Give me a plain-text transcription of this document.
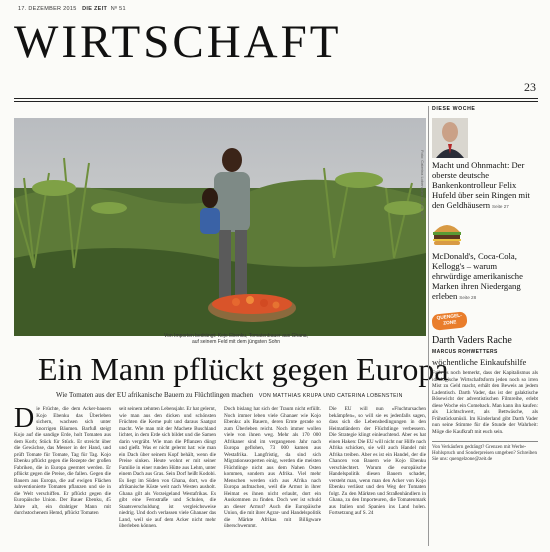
17. DEZEMBER 2015 DIE ZEIT Nº 51
WIRTSCHAFT
23
Foto: Caterina Lobenstein für DIE ZEIT
Von Importen bedrängt: Kojo Ebenku, Tomatenbauer aus Ghana,
auf seinem Feld mit dem jüngsten Sohn
Ein Mann pflückt gegen Europa
Wie Tomaten aus der EU afrikanische Bauern zu Flüchtlingen machen VON MATTHIAS KRUPA UND CATERINA LOBENSTEIN
Die Früchte, die dem Acker-bauern Kojo Ebenku das Überleben sichern, wachsen sich unter knorrigen Bäumen. Barfuß steigt Kojo auf die sandige Erde, holt Tomaten aus dem Korb; Stück für Stück. Er streicht über die Gewächse, das Messer in der Hand, und prüft Tomate für Tomate, Tag für Tag. Kojo Ebenku pflückt gegen die Rezepte der großen Fabriken, die in Europa geerntet werden. Er pflückt gegen die Preise, die fallen. Gegen die Bauern aus Europa, die auf ewigen Flächen subventionierte Tomaten pflanzen und sie in die Welt verschiffen. Er pflückt gegen die Europäische Union. Der Bauer Ebenku, 45 Jahre alt, ein drahtiger Mann mit durchstochenem Hemd, pflückt Tomaten
seit seinem zehnten Lebensjahr. Er hat gelernt, wie man aus den dicken und schönsten Früchten die Kerne pult und daraus Saatgut macht. Wie man mit der Machete Buschland lichtet, in dem Erde sich bildet und die Samen darin vergräbt. Wie man die Pflanzen düngt und gießt. Was er nicht gelernt hat: wie man ein Dach über seinem Kopf behält, wenn die Preise sinken. Heute wohnt er mit seiner Familie in einer runden Hütte aus Lehm, unter einem Dach aus Gras. Sein Dorf heißt Kodobi. Es liegt im Süden von Ghana, dort, wo die afrikanische Küste weit nach Westen ausholt. Ghana gilt als Vorzeigeland Westafrikas. Es gibt eine Fernstraße und Schulen, die Staatsverschuldung ist vergleichsweise niedrig. Und doch verlassen viele Ghanaer das Land, weil sie auf dem Acker nicht mehr überleben können.
Doch bislang hat sich der Traum nicht erfüllt. Noch immer leben viele Ghanaer wie Kojo Ebenku: als Bauern, deren Ernte gerade so zum Überleben reicht. Noch immer wollen viele von ihnen weg. Mehr als 170 000 Afrikaner sind im vergangenen Jahr nach Europa geflohen, 73 000 kamen aus Westafrika. Langfristig, da sind sich Migrationsexperten einig, werden die meisten Flüchtlinge nicht aus dem Nahen Osten kommen, sondern aus Afrika. Viel mehr Menschen werden sich aus Afrika nach Europa aufmachen, weil die Armut in ihrer Heimat es ihnen nicht erlaubt, dort ein Auskommen zu finden. Doch wer ist schuld an dieser Armut? Auch die Europäische Union, die mit ihrer Agrar- und Handelspolitik die Märkte Afrikas mit Billigware überschwemmt.
Die EU will nun »Fluchtursachen bekämpfen«, so will sie es jedenfalls sagen, dass sich die Lebensbedingungen in den Heimatländern der Flüchtlinge verbessern. Die Strategie klingt einleuchtend. Aber es hat einen Haken: Die EU will nicht nur Hilfe nach Afrika schicken, sie will auch Handel mit Afrika treiben. Aber es ist ein Handel, der die Chancen von Bauern wie Kojo Ebenku verschlechtert. Warum die europäische Handelspolitik diesen Bauern schadet, versteht man, wenn man den Acker von Kojo Ebenku verlässt und den Weg der Tomaten folgt. Zu den Märkten und Straßenhändlern in Ghana, zu den Importeuren, die Tomatenmark aus Italien und Spanien ins Land holen. Fortsetzung auf S. 24
DIESE WOCHE
Macht und Ohnmacht: Der oberste deutsche Bankenkontrolleur Felix Hufeld über sein Ringen mit den Geldhäusern Seite 27
McDonald's, Coca-Cola, Kellogg's – warum ehrwürdige amerikanische Marken ihren Niedergang erleben Seite 28
QUENGEL-
ZONE
Darth Vaders Rache
MARCUS ROHWETTERS
wöchentliche Einkaufshilfe
Falls es noch bemerkt, dass der Kapitalismus als ideologische Wirtschaftsform jeden noch so irren Mist zu Geld macht, erhält den Beweis an jedem Ladentisch. Darth Vader, das ist der galaktische Bösewicht der adventistischen Filmreihe, erlebt diese Woche ein Comeback. Man kann ihn kaufen: als Lichtschwert, als Bettwäsche, als Frühstücksmüsli. Im Kinderland gibt Darth Vader nun seine Stimme für die Stunde der Wahrheit: Möge die Kaufkraft mit euch sein.
Von Verkäufern gedrängt? Grenzen mit Werbe-Hohlspruch und Sonderpreisen umgeben? Schreiben Sie uns: quengelzone@zeit.de
